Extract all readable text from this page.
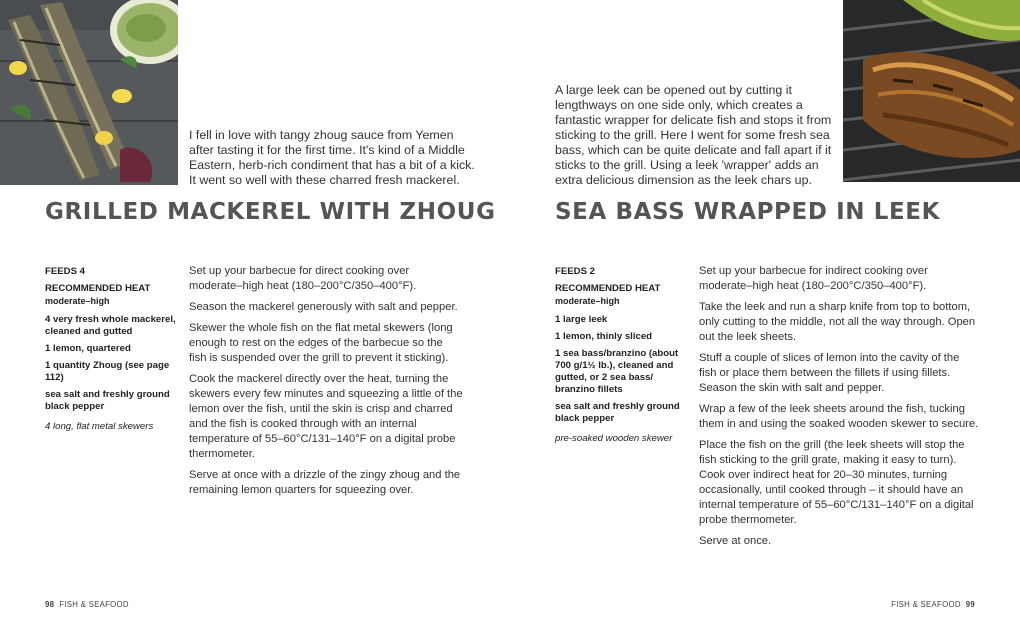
I fell in love with tangy zhoug sauce from Yemen after tasting it for the first time. It's kind of a Middle Eastern, herb-rich condiment that has a bit of a kick. It went so well with these charred fresh mackerel.

GRILLED MACKEREL WITH ZHOUG
FEEDS 4
RECOMMENDED HEAT
moderate–high
4 very fresh whole mackerel, cleaned and gutted
1 lemon, quartered
1 quantity Zhoug (see page 112)
sea salt and freshly ground black pepper
4 long, flat metal skewers

Set up your barbecue for direct cooking over moderate–high heat (180–200°C/350–400°F).

Season the mackerel generously with salt and pepper.

Skewer the whole fish on the flat metal skewers (long enough to rest on the edges of the barbecue so the fish is suspended over the grill to prevent it sticking).

Cook the mackerel directly over the heat, turning the skewers every few minutes and squeezing a little of the lemon over the fish, until the skin is crisp and charred and the fish is cooked through with an internal temperature of 55–60°C/131–140°F on a digital probe thermometer.

Serve at once with a drizzle of the zingy zhoug and the remaining lemon quarters for squeezing over.

98 FISH & SEAFOOD

A large leek can be opened out by cutting it lengthways on one side only, which creates a fantastic wrapper for delicate fish and stops it from sticking to the grill. Here I went for some fresh sea bass, which can be quite delicate and fall apart if it sticks to the grill. Using a leek 'wrapper' adds an extra delicious dimension as the leek chars up.

SEA BASS WRAPPED IN LEEK
FEEDS 2
RECOMMENDED HEAT
moderate–high
1 large leek
1 lemon, thinly sliced
1 sea bass/branzino (about 700 g/1½ lb.), cleaned and gutted, or 2 sea bass/ branzino fillets
sea salt and freshly ground black pepper
pre-soaked wooden skewer

Set up your barbecue for indirect cooking over moderate–high heat (180–200°C/350–400°F).

Take the leek and run a sharp knife from top to bottom, only cutting to the middle, not all the way through. Open out the leek sheets.

Stuff a couple of slices of lemon into the cavity of the fish or place them between the fillets if using fillets. Season the skin with salt and pepper.

Wrap a few of the leek sheets around the fish, tucking them in and using the soaked wooden skewer to secure.

Place the fish on the grill (the leek sheets will stop the fish sticking to the grill grate, making it easy to turn). Cook over indirect heat for 20–30 minutes, turning occasionally, until cooked through – it should have an internal temperature of 55–60°C/131–140°F on a digital probe thermometer.

Serve at once.

FISH & SEAFOOD 99
